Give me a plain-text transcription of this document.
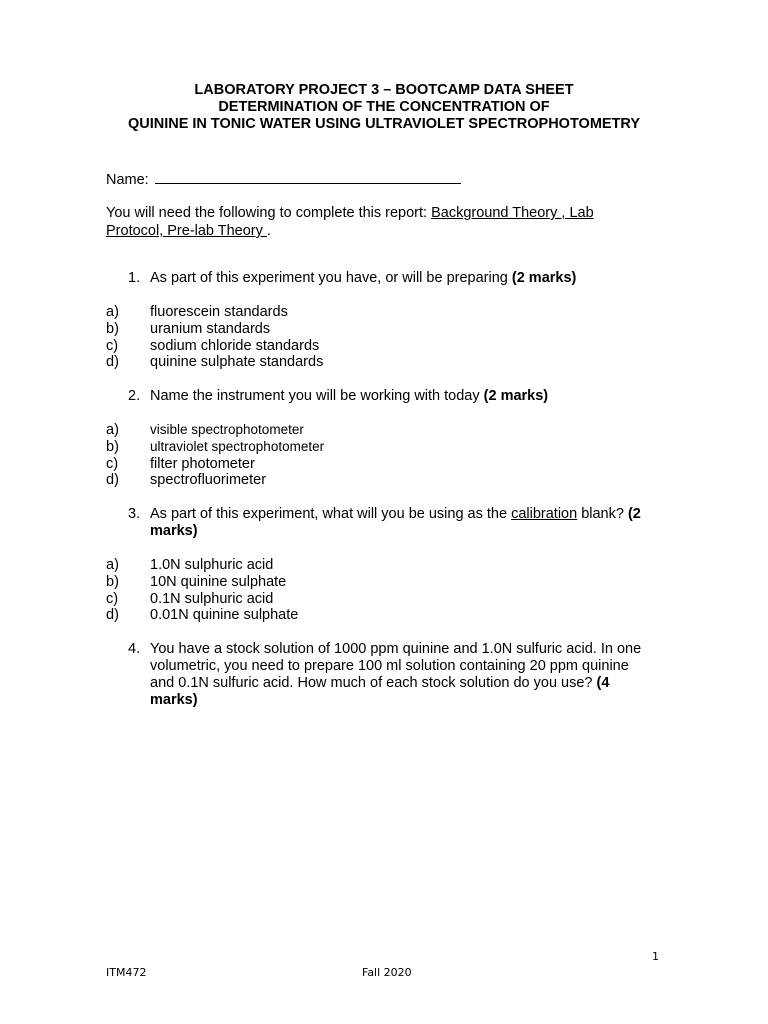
LABORATORY PROJECT 3 – BOOTCAMP DATA SHEET
DETERMINATION OF THE CONCENTRATION OF
QUININE IN TONIC WATER USING ULTRAVIOLET SPECTROPHOTOMETRY
Name:
You will need the following to complete this report: Background Theory , Lab
Protocol, Pre-lab Theory .
1. As part of this experiment you have, or will be preparing (2 marks)
a) fluorescein standards
b) uranium standards
c) sodium chloride standards
d) quinine sulphate standards
2. Name the instrument you will be working with today (2 marks)
a) visible spectrophotometer
b) ultraviolet spectrophotometer
c) filter photometer
d) spectrofluorimeter
3. As part of this experiment, what will you be using as the calibration blank? (2 marks)
a) 1.0N sulphuric acid
b) 10N quinine sulphate
c) 0.1N sulphuric acid
d) 0.01N quinine sulphate
4. You have a stock solution of 1000 ppm quinine and 1.0N sulfuric acid. In one volumetric, you need to prepare 100 ml solution containing 20 ppm quinine and 0.1N sulfuric acid. How much of each stock solution do you use? (4 marks)
1
ITM472	Fall 2020
